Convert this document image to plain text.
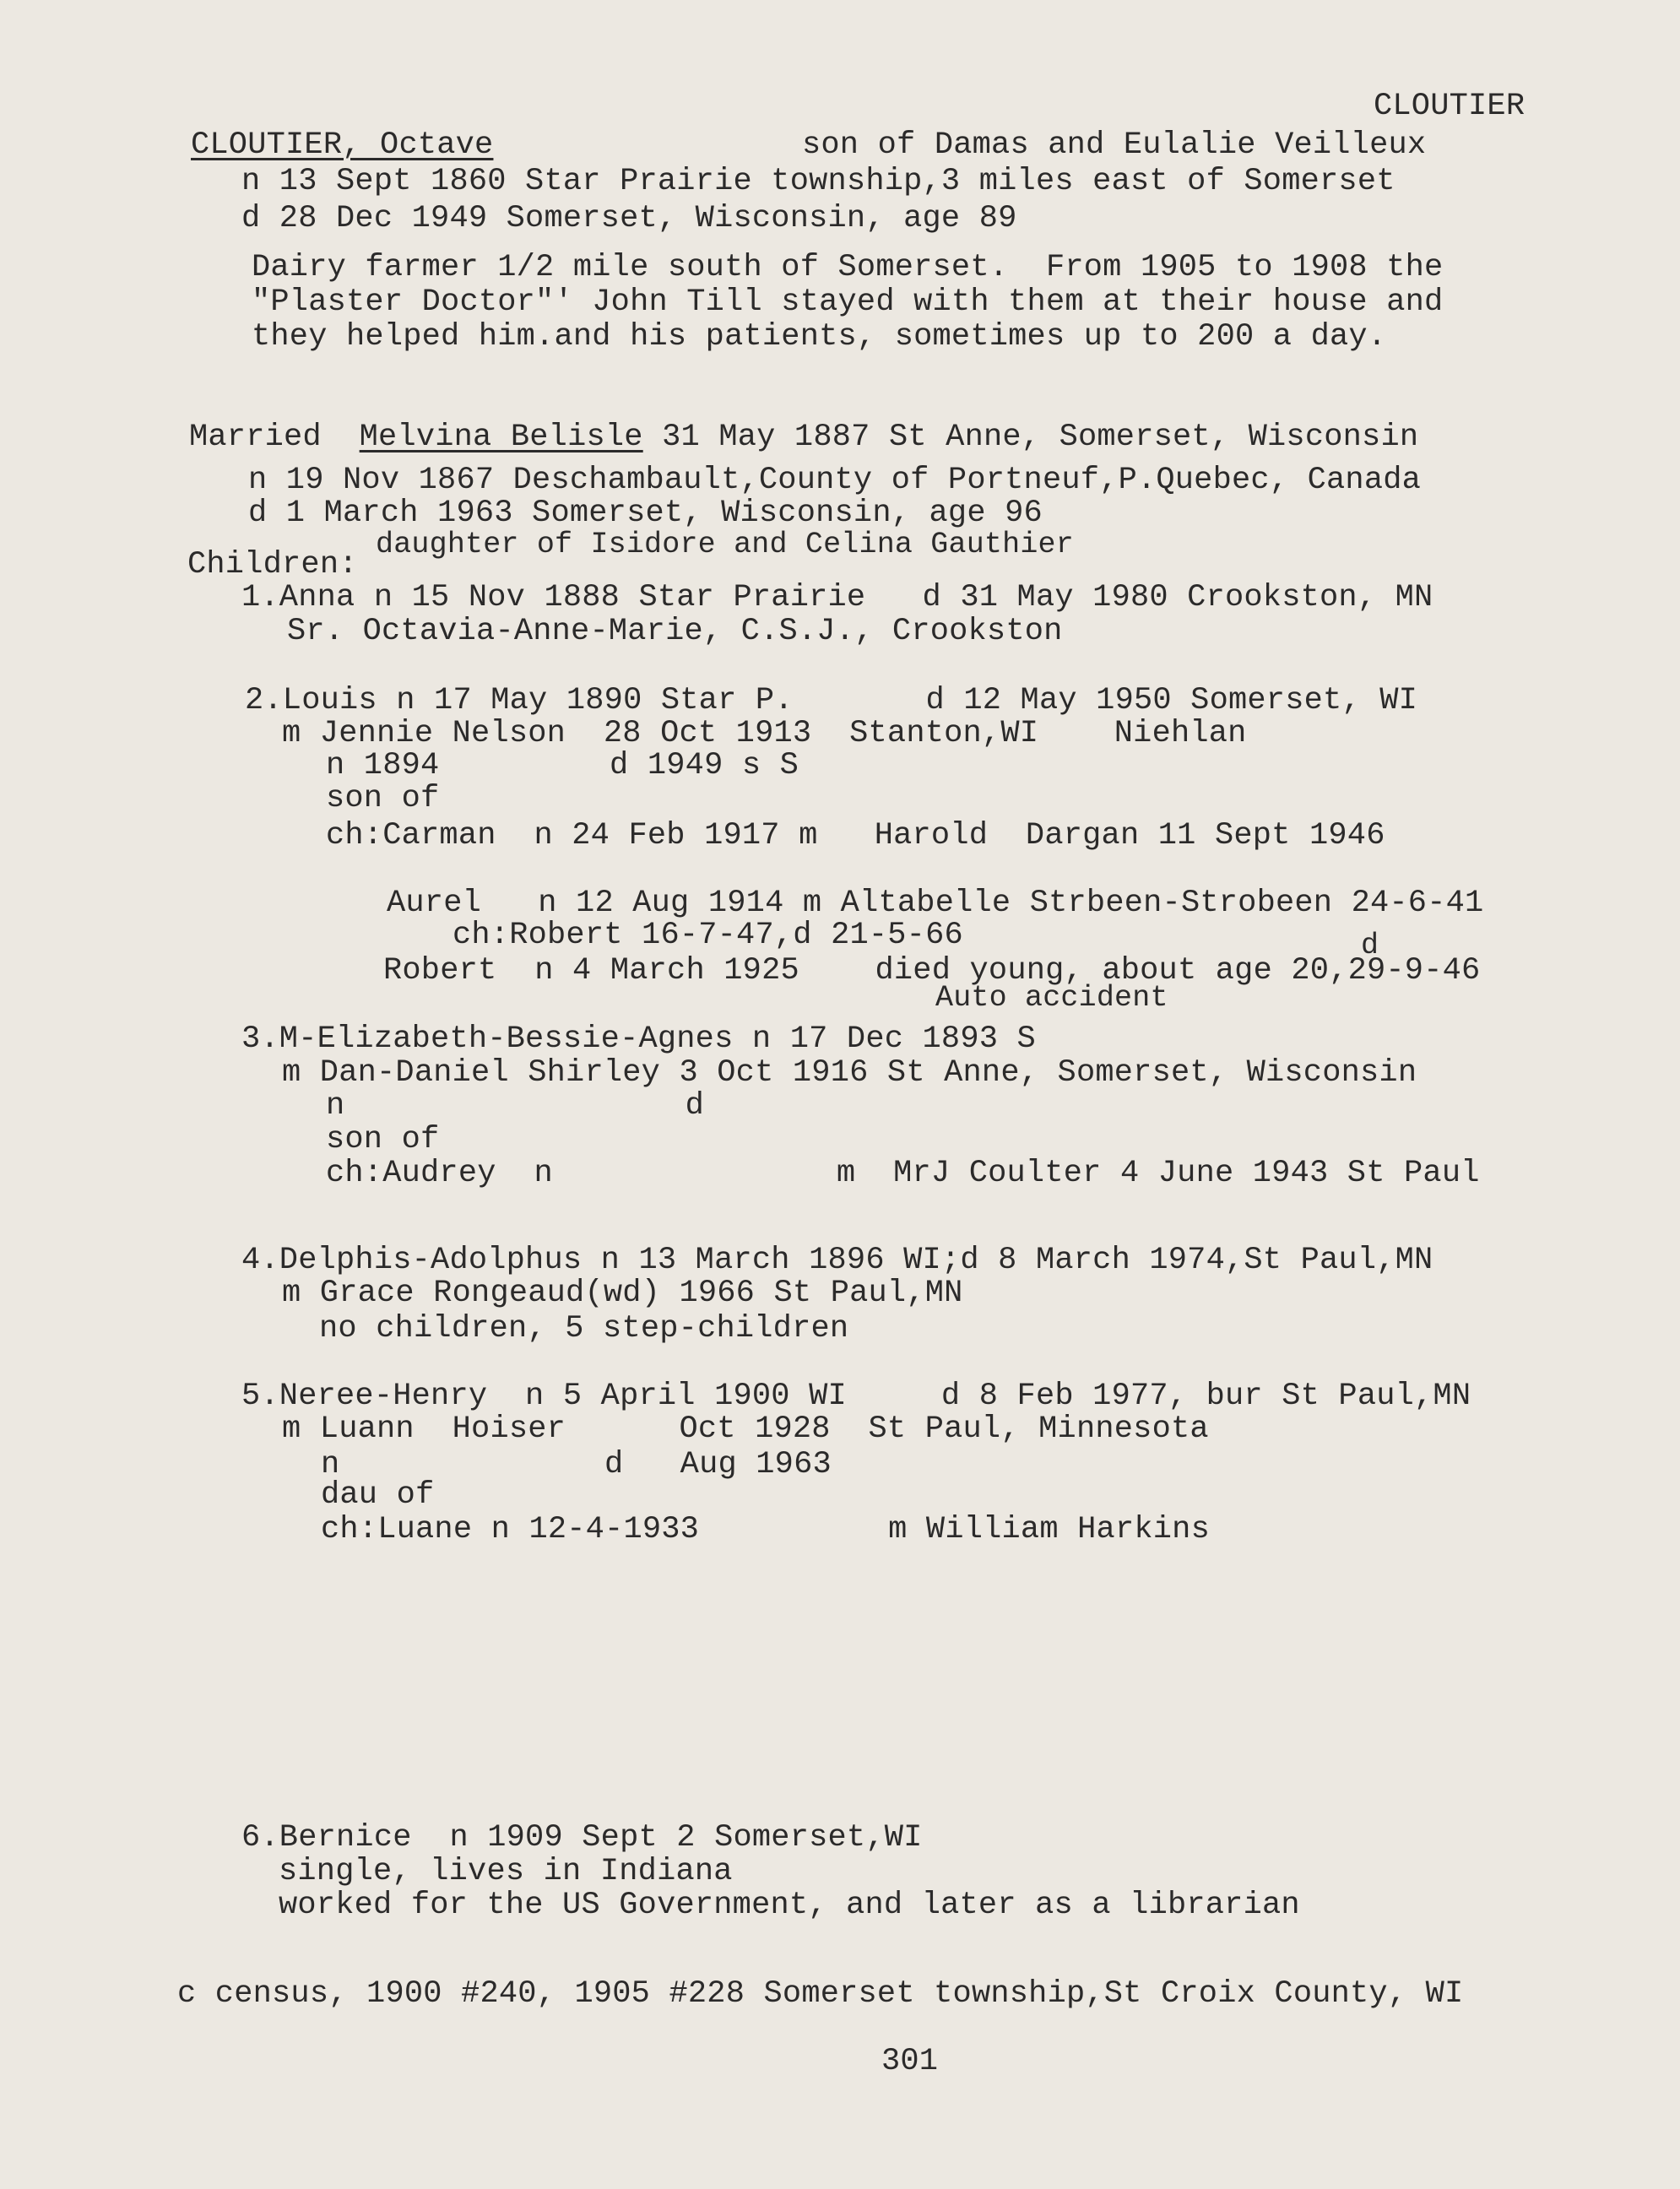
CLOUTIER
CLOUTIER, Octave	son of Damas and Eulalie Veilleux
n 13 Sept 1860 Star Prairie township,3 miles east of Somerset
d 28 Dec 1949 Somerset, Wisconsin, age 89
Dairy farmer 1/2 mile south of Somerset.  From 1905 to 1908 the
"Plaster Doctor"' John Till stayed with them at their house and
they helped him.and his patients, sometimes up to 200 a day.
Married Melvina Belisle 31 May 1887 St Anne, Somerset, Wisconsin
n 19 Nov 1867 Deschambault,County of Portneuf,P.Quebec, Canada
d 1 March 1963 Somerset, Wisconsin, age 96
daughter of Isidore and Celina Gauthier
Children:
1.Anna n 15 Nov 1888 Star Prairie   d 31 May 1980 Crookston, MN
Sr. Octavia-Anne-Marie, C.S.J., Crookston
2.Louis n 17 May 1890 Star P.       d 12 May 1950 Somerset, WI
m Jennie Nelson  28 Oct 1913  Stanton,WI    Niehlan
n 1894         d 1949 s S
son of
ch:Carman  n 24 Feb 1917 m   Harold  Dargan 11 Sept 1946
Aurel   n 12 Aug 1914 m Altabelle Strbeen-Strobeen 24-6-41
ch:Robert 16-7-47,d 21-5-66	d
Robert  n 4 March 1925    died young, about age 20,29-9-46
Auto accident
3.M-Elizabeth-Bessie-Agnes n 17 Dec 1893 S
m Dan-Daniel Shirley 3 Oct 1916 St Anne, Somerset, Wisconsin
n                  d
son of
ch:Audrey  n               m  MrJ Coulter 4 June 1943 St Paul
4.Delphis-Adolphus n 13 March 1896 WI;d 8 March 1974,St Paul,MN
m Grace Rongeaud(wd) 1966 St Paul,MN
no children, 5 step-children
5.Neree-Henry  n 5 April 1900 WI     d 8 Feb 1977, bur St Paul,MN
m Luann  Hoiser      Oct 1928  St Paul, Minnesota
n              d   Aug 1963
dau of
ch:Luane n 12-4-1933          m William Harkins
6.Bernice  n 1909 Sept 2 Somerset,WI
single, lives in Indiana
worked for the US Government, and later as a librarian
c census, 1900 #240, 1905 #228 Somerset township,St Croix County, WI
301
